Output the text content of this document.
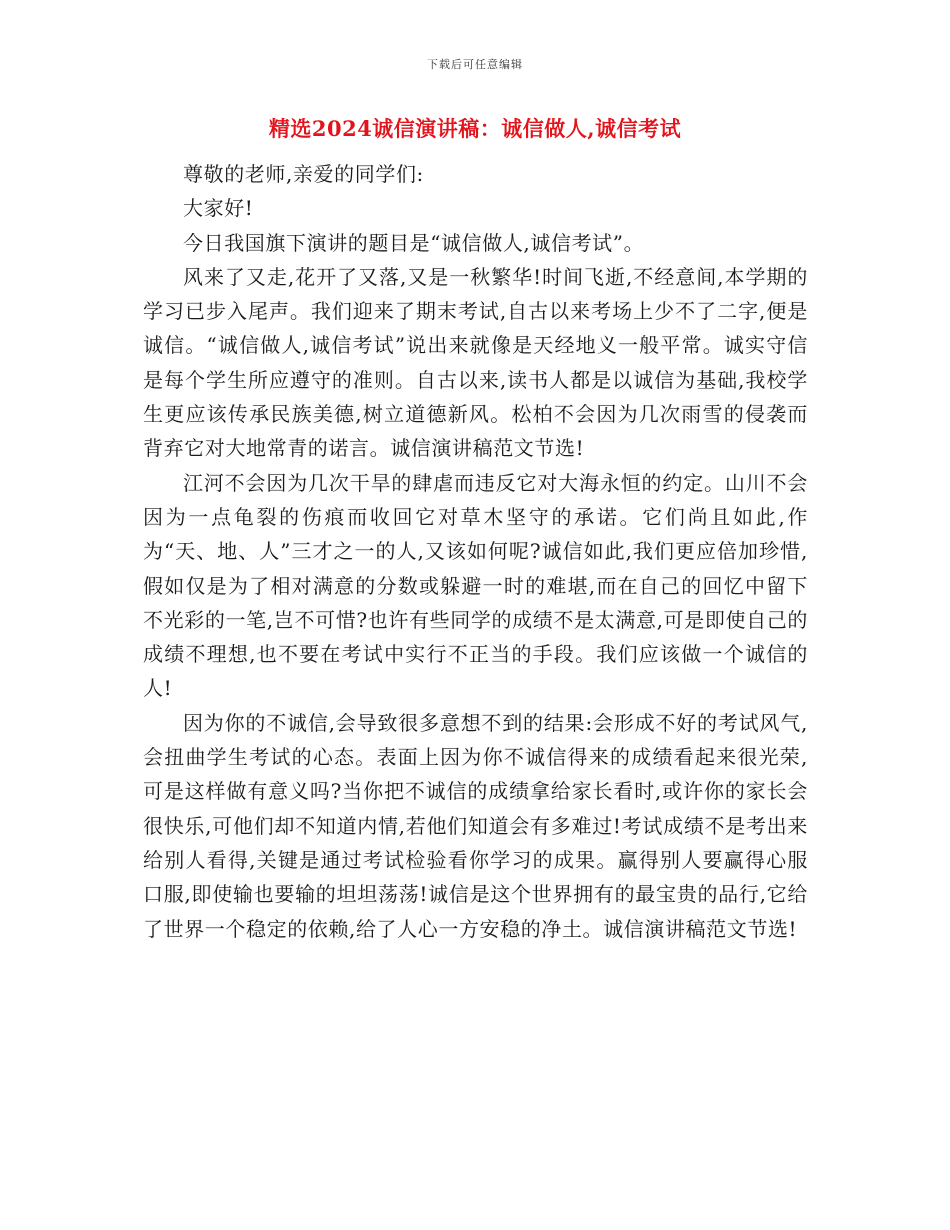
下载后可任意编辑
精选2024诚信演讲稿：诚信做人,诚信考试

尊敬的老师,亲爱的同学们:

大家好!

今日我国旗下演讲的题目是“诚信做人,诚信考试”。

风来了又走,花开了又落,又是一秋繁华!时间飞逝,不经意间,本学期的学习已步入尾声。我们迎来了期末考试,自古以来考场上少不了二字,便是诚信。“诚信做人,诚信考试”说出来就像是天经地义一般平常。诚实守信是每个学生所应遵守的准则。自古以来,读书人都是以诚信为基础,我校学生更应该传承民族美德,树立道德新风。松柏不会因为几次雨雪的侵袭而背弃它对大地常青的诺言。诚信演讲稿范文节选!

江河不会因为几次干旱的肆虐而违反它对大海永恒的约定。山川不会因为一点龟裂的伤痕而收回它对草木坚守的承诺。它们尚且如此,作为“天、地、人”三才之一的人,又该如何呢?诚信如此,我们更应倍加珍惜,假如仅是为了相对满意的分数或躲避一时的难堪,而在自己的回忆中留下不光彩的一笔,岂不可惜?也许有些同学的成绩不是太满意,可是即使自己的成绩不理想,也不要在考试中实行不正当的手段。我们应该做一个诚信的人!

因为你的不诚信,会导致很多意想不到的结果:会形成不好的考试风气,会扭曲学生考试的心态。表面上因为你不诚信得来的成绩看起来很光荣,可是这样做有意义吗?当你把不诚信的成绩拿给家长看时,或许你的家长会很快乐,可他们却不知道内情,若他们知道会有多难过!考试成绩不是考出来给别人看得,关键是通过考试检验看你学习的成果。赢得别人要赢得心服口服,即使输也要输的坦坦荡荡!诚信是这个世界拥有的最宝贵的品行,它给了世界一个稳定的依赖,给了人心一方安稳的净土。诚信演讲稿范文节选!
